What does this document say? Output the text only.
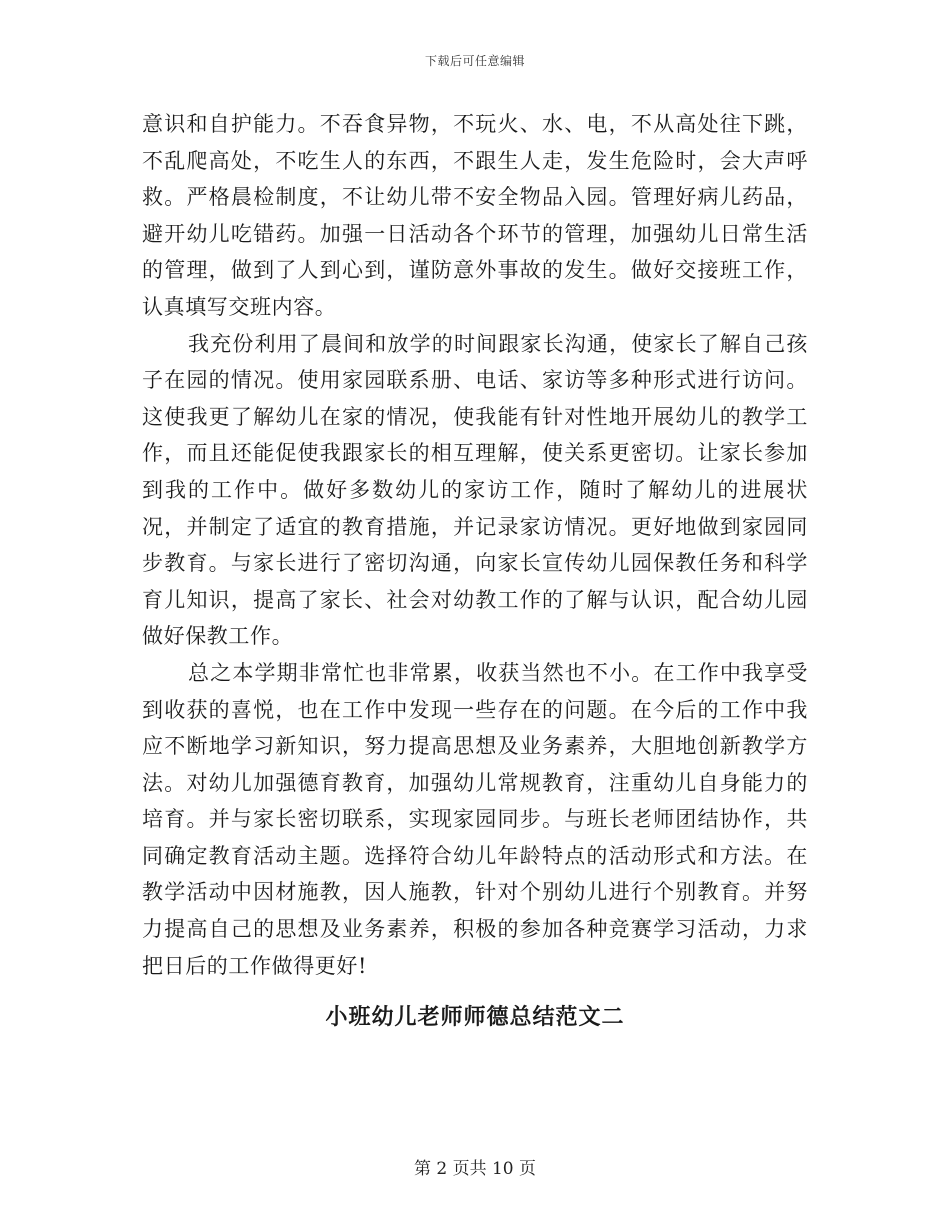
下载后可任意编辑

意识和自护能力。不吞食异物，不玩火、水、电，不从高处往下跳，不乱爬高处，不吃生人的东西，不跟生人走，发生危险时，会大声呼救。严格晨检制度，不让幼儿带不安全物品入园。管理好病儿药品，避开幼儿吃错药。加强一日活动各个环节的管理，加强幼儿日常生活的管理，做到了人到心到，谨防意外事故的发生。做好交接班工作，认真填写交班内容。

我充份利用了晨间和放学的时间跟家长沟通，使家长了解自己孩子在园的情况。使用家园联系册、电话、家访等多种形式进行访问。这使我更了解幼儿在家的情况，使我能有针对性地开展幼儿的教学工作，而且还能促使我跟家长的相互理解，使关系更密切。让家长参加到我的工作中。做好多数幼儿的家访工作，随时了解幼儿的进展状况，并制定了适宜的教育措施，并记录家访情况。更好地做到家园同步教育。与家长进行了密切沟通，向家长宣传幼儿园保教任务和科学育儿知识，提高了家长、社会对幼教工作的了解与认识，配合幼儿园做好保教工作。

总之本学期非常忙也非常累，收获当然也不小。在工作中我享受到收获的喜悦，也在工作中发现一些存在的问题。在今后的工作中我应不断地学习新知识，努力提高思想及业务素养，大胆地创新教学方法。对幼儿加强德育教育，加强幼儿常规教育，注重幼儿自身能力的培育。并与家长密切联系，实现家园同步。与班长老师团结协作，共同确定教育活动主题。选择符合幼儿年龄特点的活动形式和方法。在教学活动中因材施教，因人施教，针对个别幼儿进行个别教育。并努力提高自己的思想及业务素养，积极的参加各种竞赛学习活动，力求把日后的工作做得更好!

小班幼儿老师师德总结范文二
第 2 页共 10 页
